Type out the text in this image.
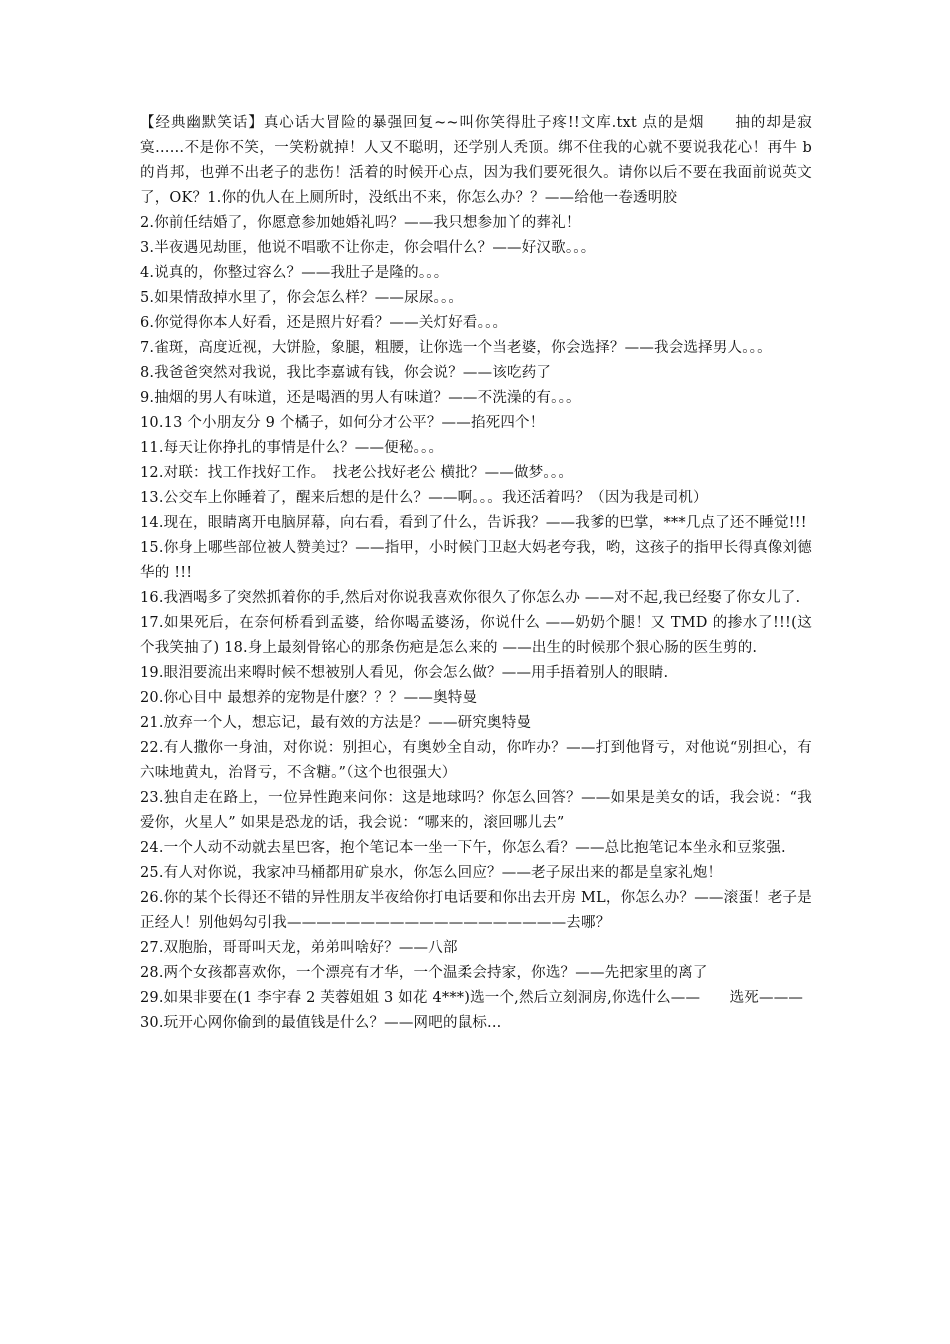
【经典幽默笑话】真心话大冒险的暴强回复~~叫你笑得肚子疼!!文库.txt 点的是烟　　抽的却是寂寞……不是你不笑，一笑粉就掉！人又不聪明，还学别人秃顶。绑不住我的心就不要说我花心！再牛 b 的肖邦，也弹不出老子的悲伤！活着的时候开心点，因为我们要死很久。请你以后不要在我面前说英文了，OK？1.你的仇人在上厕所时，没纸出不来，你怎么办？？——给他一卷透明胶

2.你前任结婚了，你愿意参加她婚礼吗？——我只想参加丫的葬礼！

3.半夜遇见劫匪，他说不唱歌不让你走，你会唱什么？——好汉歌。。。

4.说真的，你整过容么？——我肚子是隆的。。。

5.如果情敌掉水里了，你会怎么样？——尿尿。。。

6.你觉得你本人好看，还是照片好看？——关灯好看。。。

7.雀斑，高度近视，大饼脸，象腿，粗腰，让你选一个当老婆，你会选择？——我会选择男人。。。

8.我爸爸突然对我说，我比李嘉诚有钱，你会说？——该吃药了

9.抽烟的男人有味道，还是喝酒的男人有味道？——不洗澡的有。。。

10.13 个小朋友分 9 个橘子，如何分才公平？——掐死四个！

11.每天让你挣扎的事情是什么？——便秘。。。

12.对联：找工作找好工作。　找老公找好老公 横批？——做梦。。。

13.公交车上你睡着了，醒来后想的是什么？——啊。。。我还活着吗？（因为我是司机）

14.现在，眼睛离开电脑屏幕，向右看，看到了什么，告诉我？——我爹的巴掌，***几点了还不睡觉!!!

15.你身上哪些部位被人赞美过？——指甲，小时候门卫赵大妈老夸我，哟，这孩子的指甲长得真像刘德华的 !!!

16.我酒喝多了突然抓着你的手,然后对你说我喜欢你很久了你怎么办 ——对不起,我已经娶了你女儿了.

17.如果死后，在奈何桥看到孟婆，给你喝孟婆汤，你说什么 ——奶奶个腿！又 TMD 的掺水了!!!(这个我笑抽了) 18.身上最刻骨铭心的那条伤疤是怎么来的 ——出生的时候那个狠心肠的医生剪的.

19.眼泪要流出来嘚时候不想被别人看见，你会怎么做？——用手捂着别人的眼睛.

20.你心目中 最想养的宠物是什麽？？？——奥特曼

21.放弃一个人，想忘记，最有效的方法是？——研究奥特曼

22.有人撒你一身油，对你说：别担心，有奥妙全自动，你咋办？——打到他肾亏，对他说“别担心，有六味地黄丸，治肾亏，不含糖。”（这个也很强大）

23.独自走在路上，一位异性跑来问你：这是地球吗？你怎么回答？——如果是美女的话，我会说：“我爱你，火星人” 如果是恐龙的话，我会说：“哪来的，滚回哪儿去”

24.一个人动不动就去星巴客，抱个笔记本一坐一下午，你怎么看？——总比抱笔记本坐永和豆浆强.

25.有人对你说，我家冲马桶都用矿泉水，你怎么回应？——老子尿出来的都是皇家礼炮！

26.你的某个长得还不错的异性朋友半夜给你打电话要和你出去开房 ML，你怎么办？——滚蛋！老子是正经人！别他妈勾引我———————————————————去哪？

27.双胞胎，哥哥叫天龙，弟弟叫啥好？——八部

28.两个女孩都喜欢你，一个漂亮有才华，一个温柔会持家，你选？——先把家里的离了

29.如果非要在(1 李宇春 2 芙蓉姐姐 3 如花 4***)选一个,然后立刻洞房,你选什么——　　选死———

30.玩开心网你偷到的最值钱是什么？——网吧的鼠标...
